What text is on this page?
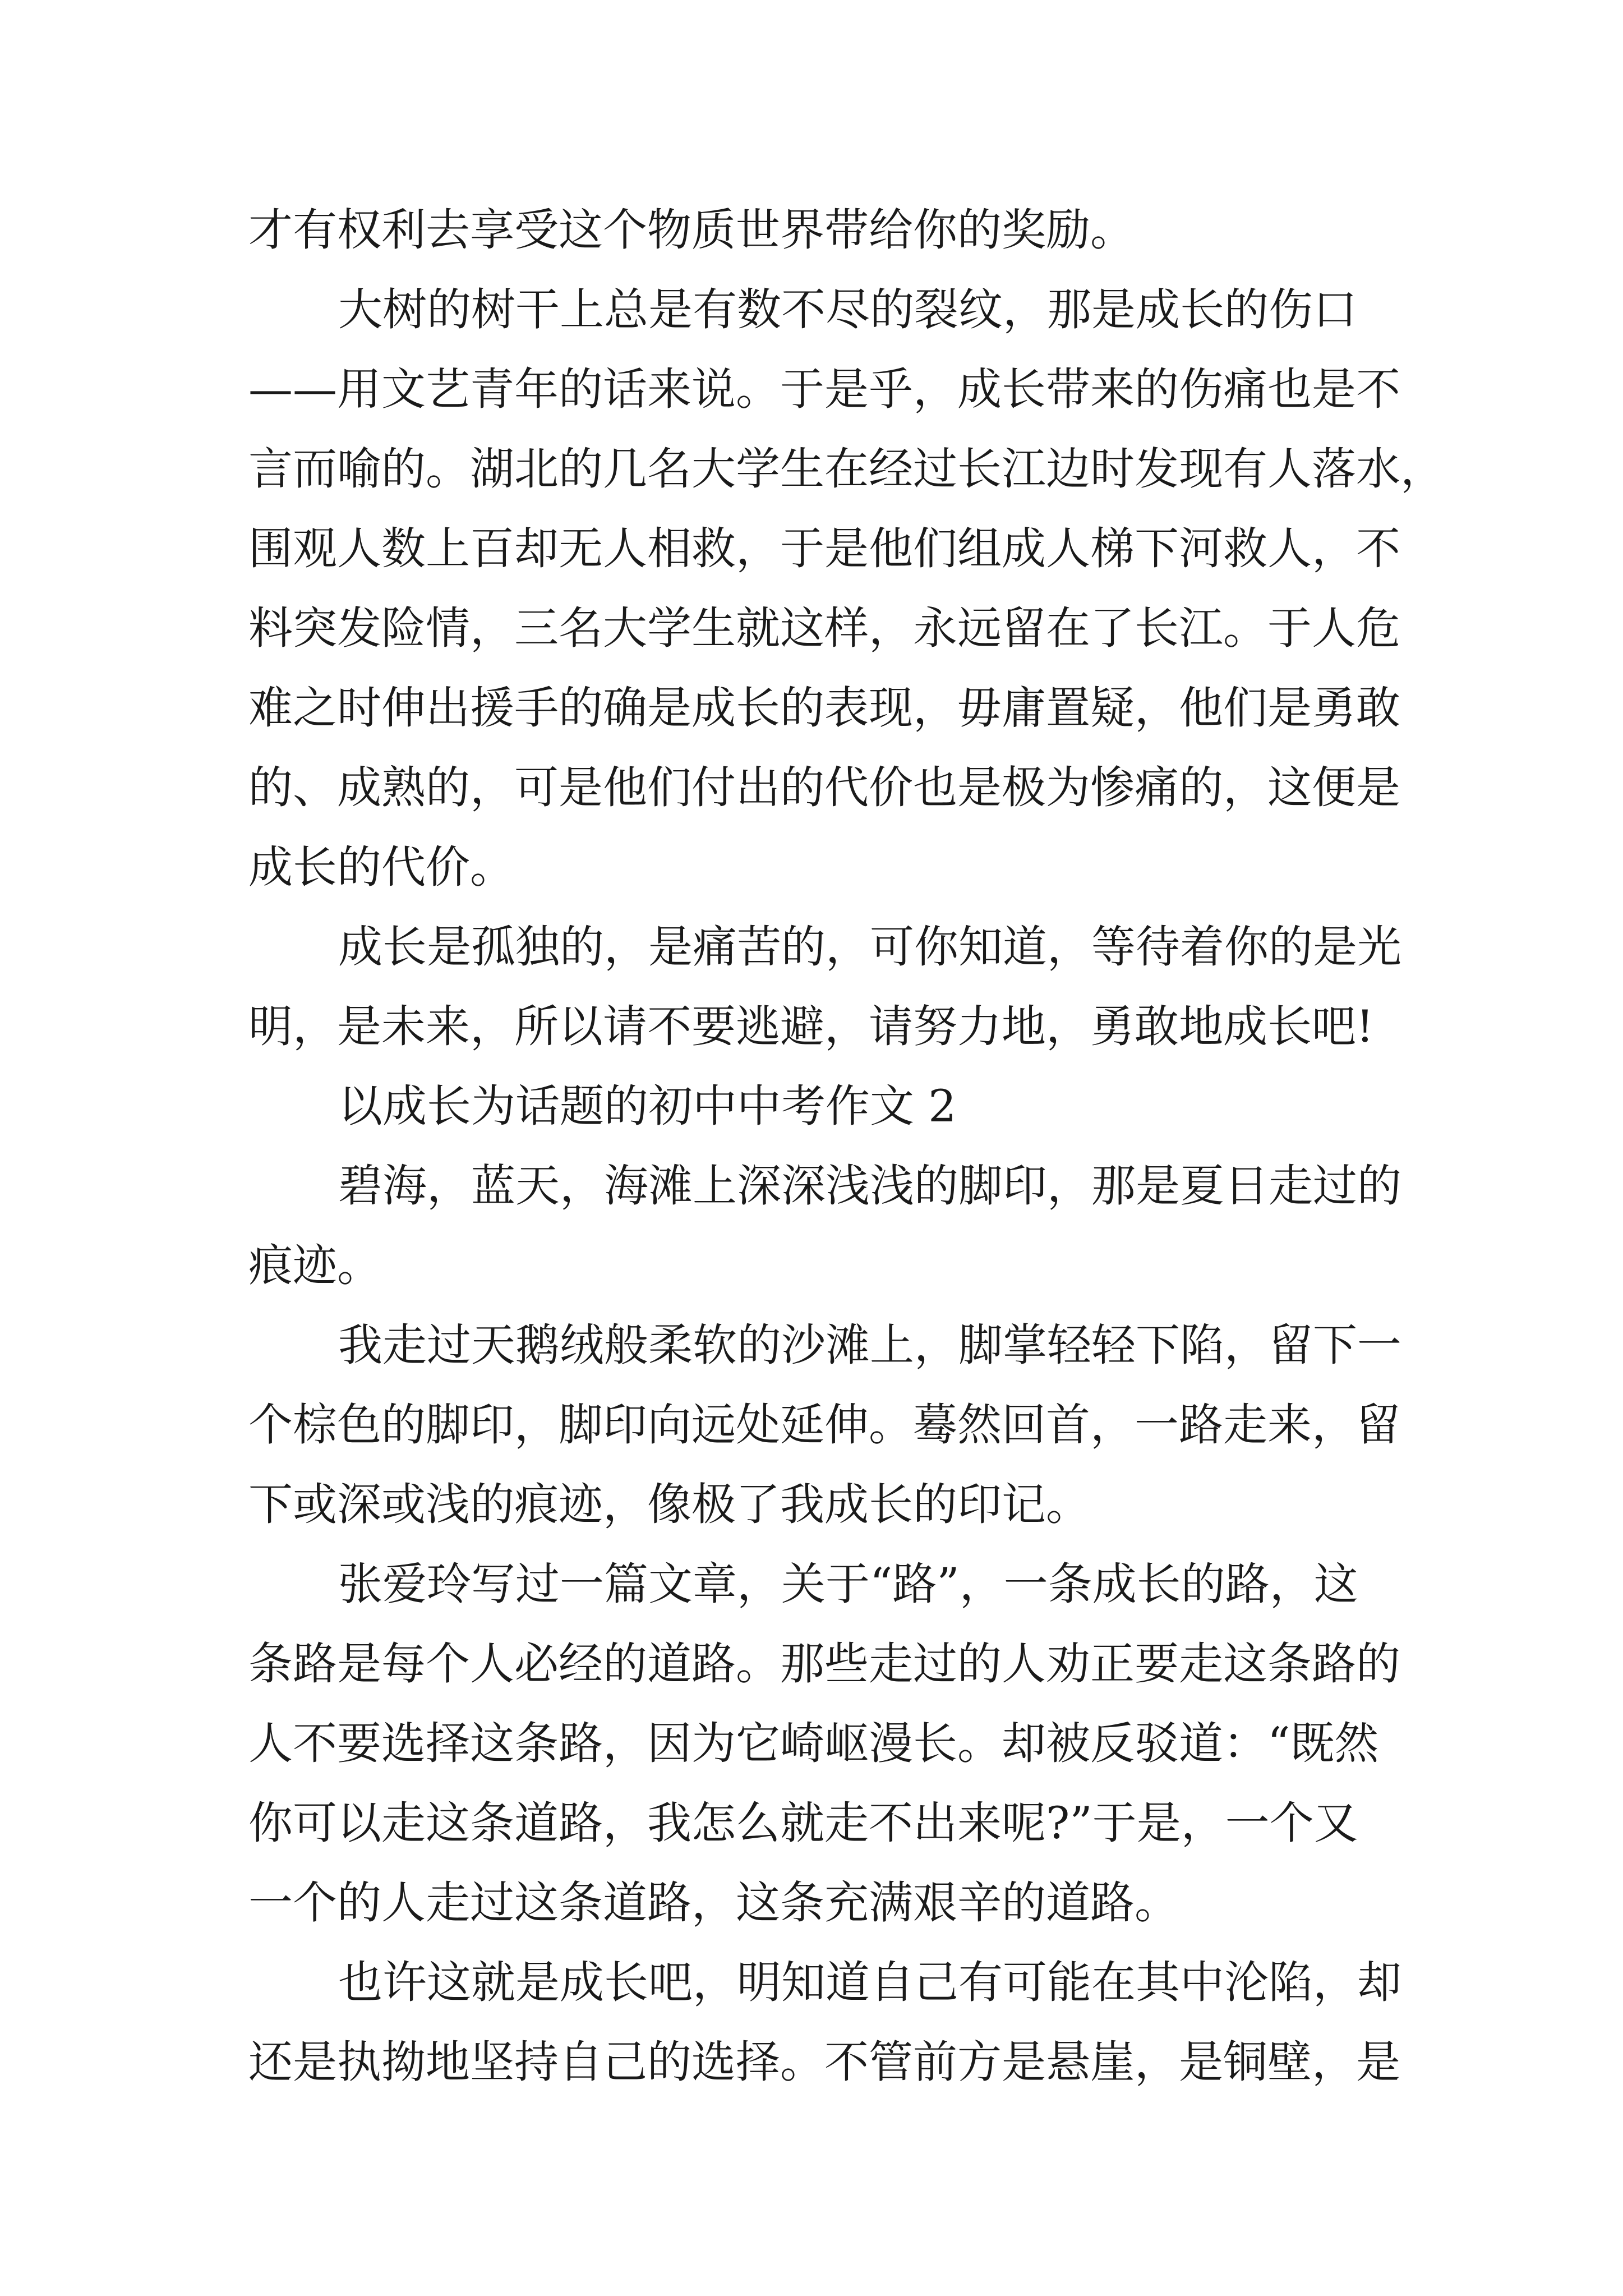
才有权利去享受这个物质世界带给你的奖励。
大树的树干上总是有数不尽的裂纹，那是成长的伤口
——用文艺青年的话来说。于是乎，成长带来的伤痛也是不
言而喻的。湖北的几名大学生在经过长江边时发现有人落水，
围观人数上百却无人相救，于是他们组成人梯下河救人，不
料突发险情，三名大学生就这样，永远留在了长江。于人危
难之时伸出援手的确是成长的表现，毋庸置疑，他们是勇敢
的、成熟的，可是他们付出的代价也是极为惨痛的，这便是
成长的代价。
成长是孤独的，是痛苦的，可你知道，等待着你的是光
明，是未来，所以请不要逃避，请努力地，勇敢地成长吧!
以成长为话题的初中中考作文 2
碧海，蓝天，海滩上深深浅浅的脚印，那是夏日走过的
痕迹。
我走过天鹅绒般柔软的沙滩上，脚掌轻轻下陷，留下一
个棕色的脚印，脚印向远处延伸。蓦然回首，一路走来，留
下或深或浅的痕迹，像极了我成长的印记。
张爱玲写过一篇文章，关于“路”，一条成长的路，这
条路是每个人必经的道路。那些走过的人劝正要走这条路的
人不要选择这条路，因为它崎岖漫长。却被反驳道：“既然
你可以走这条道路，我怎么就走不出来呢?”于是，一个又
一个的人走过这条道路，这条充满艰辛的道路。
也许这就是成长吧，明知道自己有可能在其中沦陷，却
还是执拗地坚持自己的选择。不管前方是悬崖，是铜壁，是
